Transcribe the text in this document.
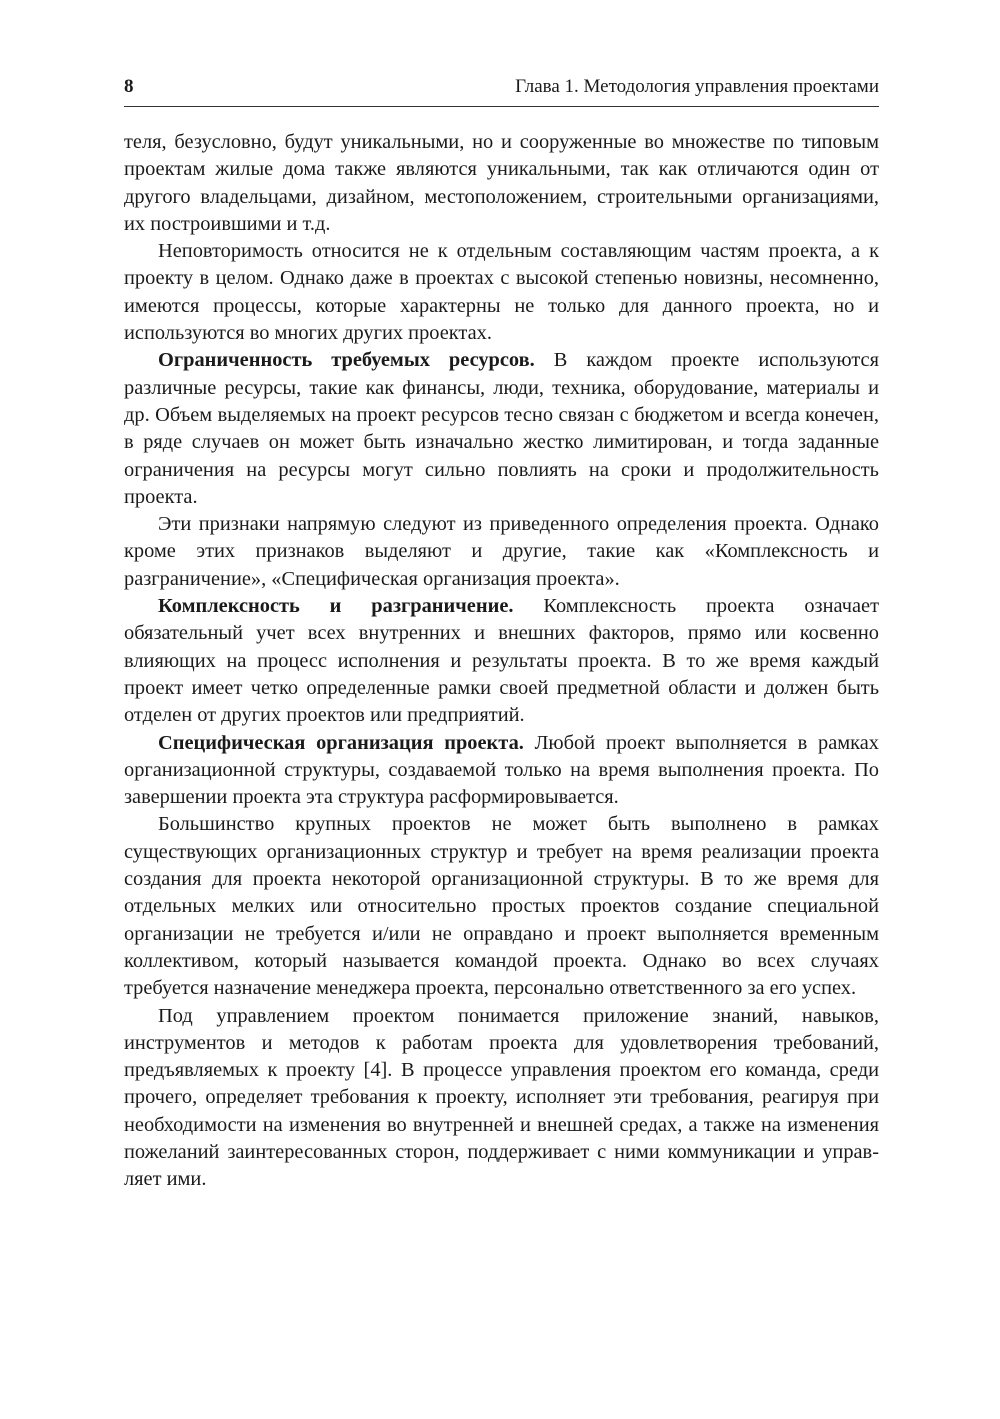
8	Глава 1. Методология управления проектами

теля, безусловно, будут уникальными, но и сооруженные во множестве по типовым проектам жилые дома также являются уникальными, так как отличаются один от другого владельцами, дизайном, местоположением, строительными организациями, их построившими и т.д.

Неповторимость относится не к отдельным составляющим частям проекта, а к проекту в целом. Однако даже в проектах с высокой степенью новизны, несомненно, имеются процессы, которые характерны не только для данного проекта, но и используются во многих других проектах.

Ограниченность требуемых ресурсов. В каждом проекте используются различные ресурсы, такие как финансы, люди, техника, оборудование, материалы и др. Объем выделяемых на проект ресурсов тесно связан с бюджетом и всегда конечен, в ряде случаев он может быть изначально жестко лимитирован, и тогда заданные ограничения на ресурсы могут сильно повлиять на сроки и продолжительность проекта.

Эти признаки напрямую следуют из приведенного определения проекта. Однако кроме этих признаков выделяют и другие, такие как «Комплексность и разграничение», «Специфическая организация проекта».

Комплексность и разграничение. Комплексность проекта означает обязательный учет всех внутренних и внешних факторов, прямо или косвенно влияющих на процесс исполнения и результаты проекта. В то же время каждый проект имеет четко определенные рамки своей предметной области и должен быть отделен от других проектов или предприятий.

Специфическая организация проекта. Любой проект выполняется в рамках организационной структуры, создаваемой только на время выполнения проекта. По завершении проекта эта структура расформировывается.

Большинство крупных проектов не может быть выполнено в рамках существующих организационных структур и требует на время реализации проекта создания для проекта некоторой организационной структуры. В то же время для отдельных мелких или относительно простых проектов создание специальной организации не требуется и/или не оправдано и проект выполняется временным коллективом, который называется командой проекта. Однако во всех случаях требуется назначение менеджера проекта, персонально ответственного за его успех.

Под управлением проектом понимается приложение знаний, навыков, инструментов и методов к работам проекта для удовлетворения требований, предъявляемых к проекту [4]. В процессе управления проектом его команда, среди прочего, определяет требования к проекту, исполняет эти требования, реагируя при необходимости на изменения во внутренней и внешней средах, а также на изменения пожеланий заинтересованных сторон, поддерживает с ними коммуникации и управляет ими.
